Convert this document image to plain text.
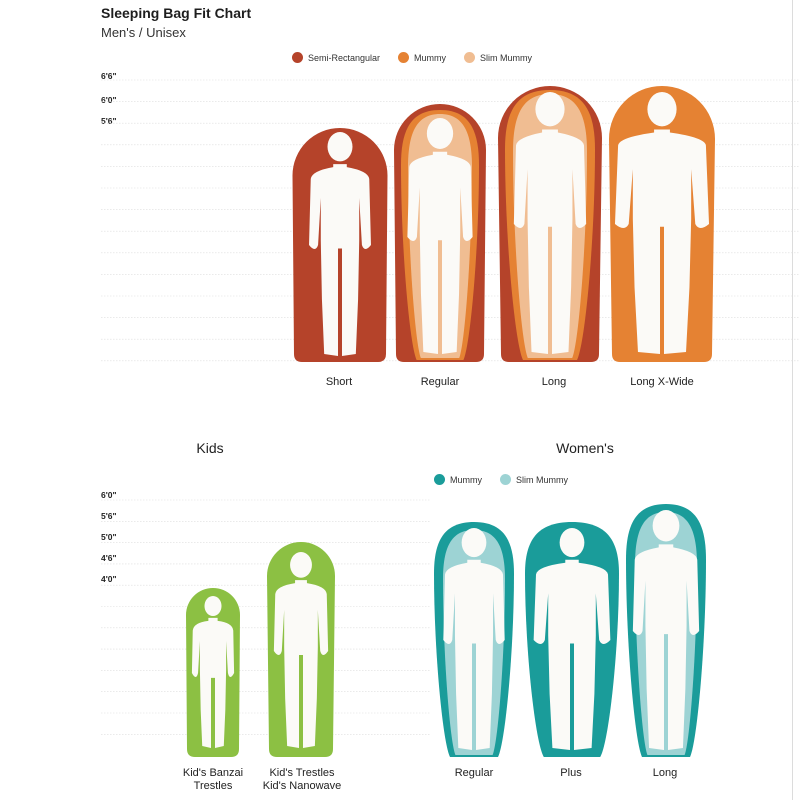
Sleeping Bag Fit Chart
Men's / Unisex
Semi-Rectangular	Mummy	Slim Mummy
6'6"
6'0"
5'6"
Short	Regular	Long	Long X-Wide
Kids	Women's
Mummy	Slim Mummy
6'0"
5'6"
5'0"
4'6"
4'0"
Kid's Banzai
Trestles
Kid's Trestles
Kid's Nanowave
Regular	Plus	Long
